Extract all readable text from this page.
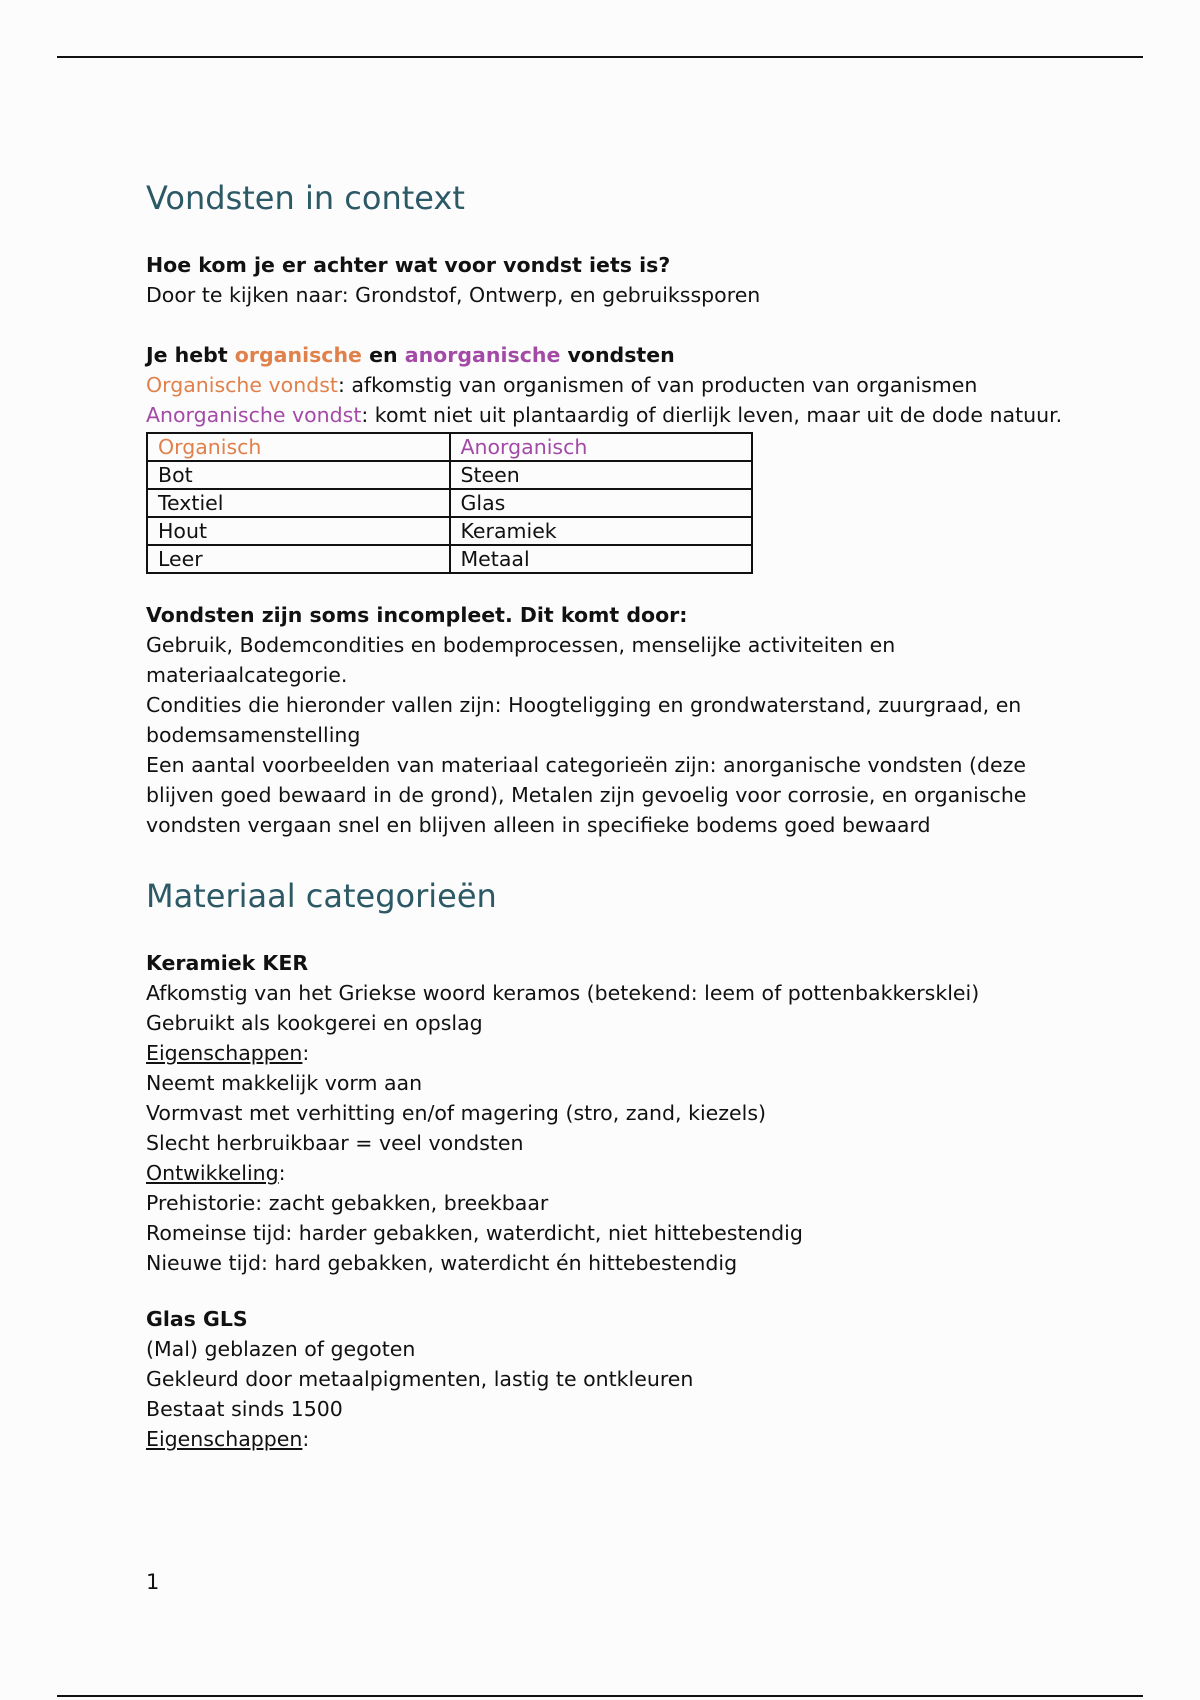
Vondsten in context

Hoe kom je er achter wat voor vondst iets is?

Door te kijken naar: Grondstof, Ontwerp, en gebruikssporen

Je hebt organische en anorganische vondsten

Organische vondst: afkomstig van organismen of van producten van organismen

Anorganische vondst: komt niet uit plantaardig of dierlijk leven, maar uit de dode natuur.

Organisch	Anorganisch
Bot	Steen
Textiel	Glas
Hout	Keramiek
Leer	Metaal

Vondsten zijn soms incompleet. Dit komt door:

Gebruik, Bodemcondities en bodemprocessen, menselijke activiteiten en materiaalcategorie.

Condities die hieronder vallen zijn: Hoogteligging en grondwaterstand, zuurgraad, en bodemsamenstelling

Een aantal voorbeelden van materiaal categorieën zijn: anorganische vondsten (deze blijven goed bewaard in de grond), Metalen zijn gevoelig voor corrosie, en organische vondsten vergaan snel en blijven alleen in specifieke bodems goed bewaard

Materiaal categorieën

Keramiek KER

Afkomstig van het Griekse woord keramos (betekend: leem of pottenbakkersklei)

Gebruikt als kookgerei en opslag

Eigenschappen:

Neemt makkelijk vorm aan

Vormvast met verhitting en/of magering (stro, zand, kiezels)

Slecht herbruikbaar = veel vondsten

Ontwikkeling:

Prehistorie: zacht gebakken, breekbaar

Romeinse tijd: harder gebakken, waterdicht, niet hittebestendig

Nieuwe tijd: hard gebakken, waterdicht én hittebestendig

Glas GLS

(Mal) geblazen of gegoten

Gekleurd door metaalpigmenten, lastig te ontkleuren

Bestaat sinds 1500

Eigenschappen:

1
